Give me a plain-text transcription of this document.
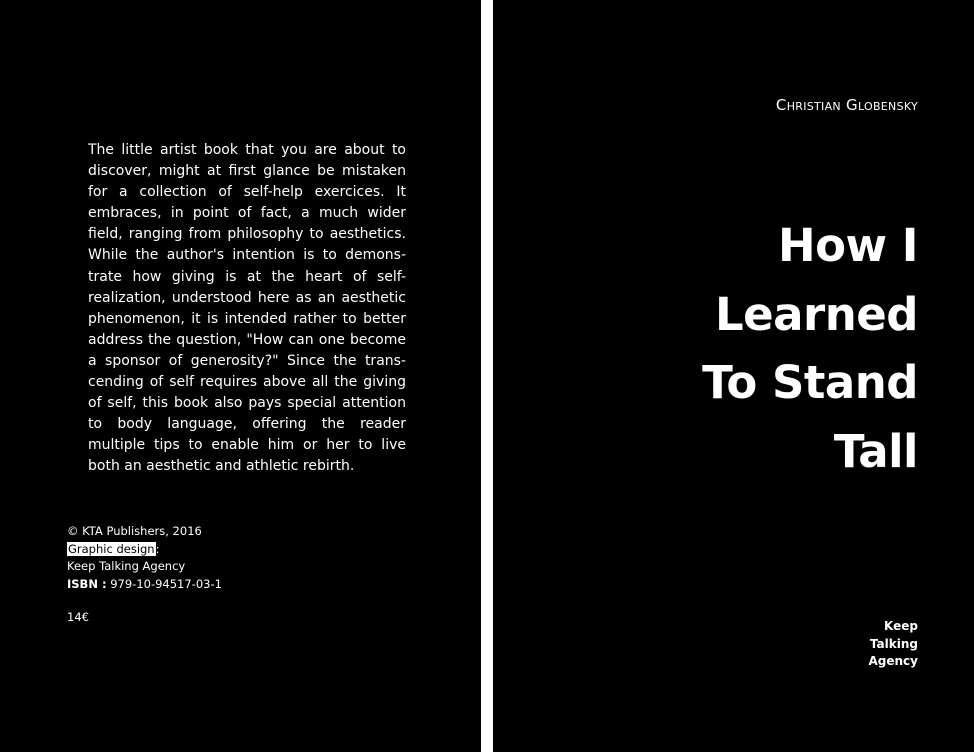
The little artist book that you are about to discover, might at first glance be mistaken for a collection of self-help exercices. It embraces, in point of fact, a much wider field, ranging from philosophy to aesthetics. While the author's intention is to demons-trate how giving is at the heart of self-realization, understood here as an aesthetic phenomenon, it is intended rather to better address the question, "How can one become a sponsor of generosity?" Since the trans-cending of self requires above all the giving of self, this book also pays special attention to body language, offering the reader multiple tips to enable him or her to live both an aesthetic and athletic rebirth.

© KTA Publishers, 2016
Graphic design:
Keep Talking Agency
ISBN : 979-10-94517-03-1
14€
Christian Globensky
How I
Learned
To Stand
Tall
Keep
Talking
Agency
